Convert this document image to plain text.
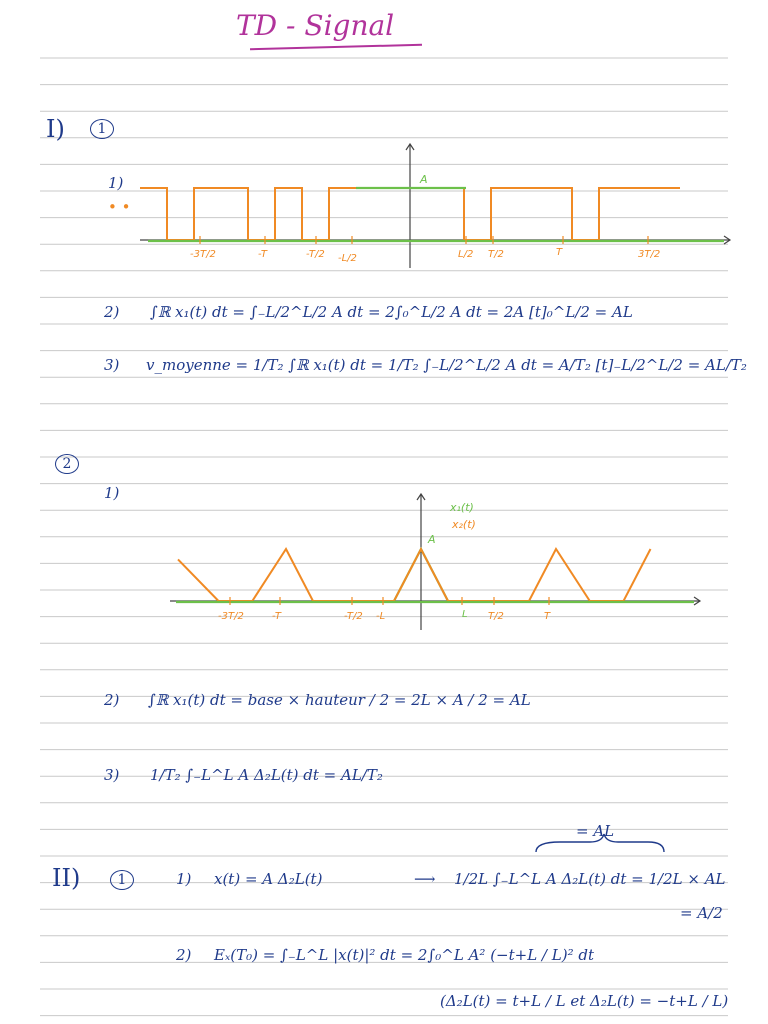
TD - Signal
I)	1
1)
• •
A
-3T/2	-T	-T/2 -L/2	L/2 T/2	T	3T/2
2) ∫ℝ x₁(t) dt = ∫₋L/2^L/2 A dt = 2∫₀^L/2 A dt = 2A [t]₀^L/2 = AL
3) v_moyenne = 1/T₂ ∫ℝ x₁(t) dt = 1/T₂ ∫₋L/2^L/2 A dt = A/T₂ [t]₋L/2^L/2 = AL/T₂
2
1)
x₁(t)
x₂(t)
A
-3T/2	-T	-T/2 -L	L T/2	T
2) ∫ℝ x₁(t) dt = base × hauteur / 2 = 2L × A / 2 = AL
3) 1/T₂ ∫₋L^L A Δ₂L(t) dt = AL/T₂
= AL
II)	1	1) x(t) = A Δ₂L(t)	⟶ 1/2L ∫₋L^L A Δ₂L(t) dt = 1/2L × AL
= A/2
2) Eₓ(T₀) = ∫₋L^L |x(t)|² dt = 2∫₀^L A² (−t+L / L)² dt
(Δ₂L(t) = t+L / L et Δ₂L(t) = −t+L / L)
